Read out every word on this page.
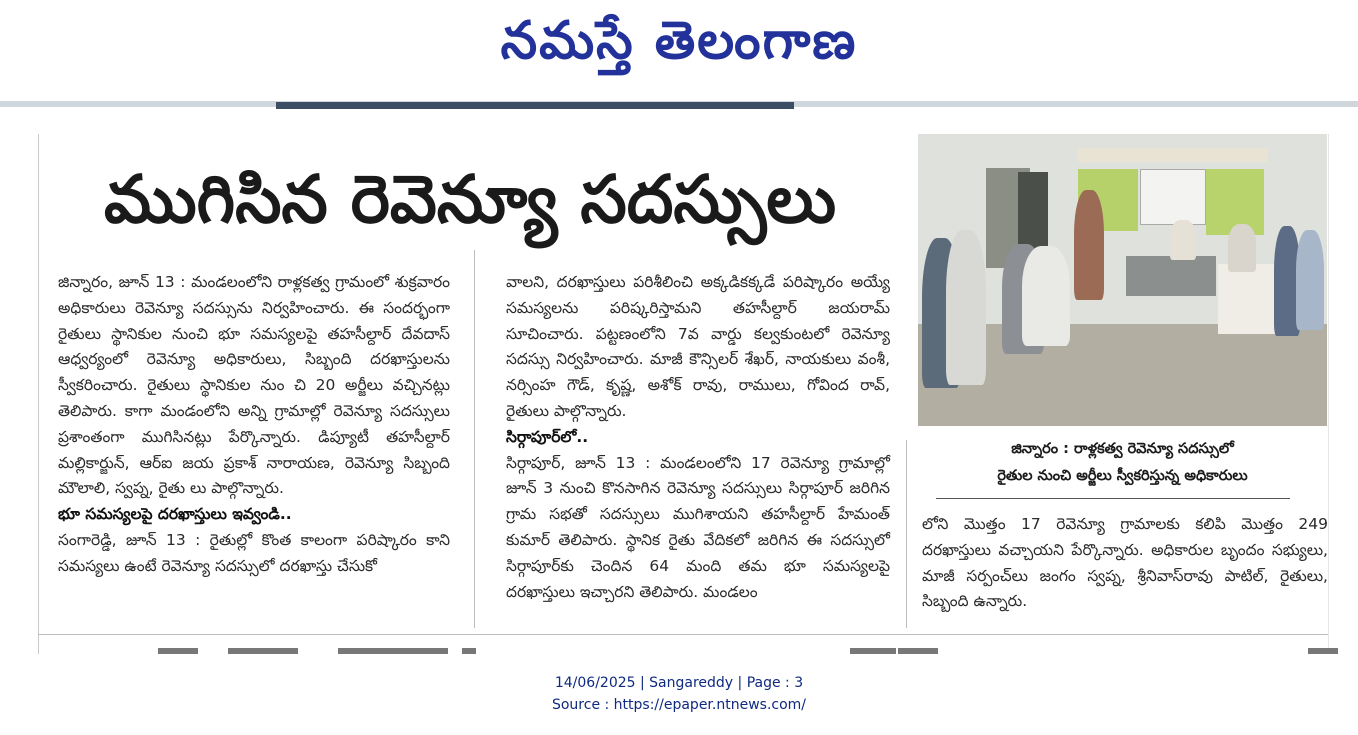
నమస్తే తెలంగాణ
ముగిసిన రెవెన్యూ సదస్సులు

జిన్నారం, జూన్ 13 : మండలంలోని రాళ్లకత్వ గ్రామంలో శుక్రవారం అధికారులు రెవెన్యూ సదస్సును నిర్వహించారు. ఈ సందర్భంగా రైతులు స్థానికుల నుంచి భూ సమస్యలపై తహసీల్దార్ దేవదాస్ ఆధ్వర్యంలో రెవెన్యూ అధికారులు, సిబ్బంది దరఖాస్తులను స్వీకరించారు. రైతులు స్థానికుల నుం చి 20 అర్జీలు వచ్చినట్లు తెలిపారు. కాగా మండంలోని అన్ని గ్రామాల్లో రెవెన్యూ సదస్సులు ప్రశాంతంగా ముగిసినట్లు పేర్కొన్నారు. డిప్యూటీ తహసీల్దార్ మల్లికార్జున్, ఆర్ఐ జయ ప్రకాశ్ నారాయణ, రెవెన్యూ సిబ్బంది మౌలాలి, స్వప్న, రైతు లు పాల్గొన్నారు.

భూ సమస్యలపై దరఖాస్తులు ఇవ్వండి..

సంగారెడ్డి, జూన్ 13 : రైతుల్లో కొంత కాలంగా పరిష్కారం కాని సమస్యలు ఉంటే రెవెన్యూ సదస్సులో దరఖాస్తు చేసుకో

వాలని, దరఖాస్తులు పరిశీలించి అక్కడికక్కడే పరిష్కారం అయ్యే సమస్యలను పరిష్కరిస్తామని తహసీల్దార్ జయరామ్ సూచించారు. పట్టణంలోని 7వ వార్డు కల్వకుంటలో రెవెన్యూ సదస్సు నిర్వహించారు. మాజీ కౌన్సిలర్ శేఖర్, నాయకులు వంశీ, నర్సింహ గౌడ్, కృష్ణ, అశోక్ రావు, రాములు, గోవింద రావ్, రైతులు పాల్గొన్నారు.

సిర్గాపూర్‌లో..

సిర్గాపూర్, జూన్ 13 : మండలంలోని 17 రెవెన్యూ గ్రామాల్లో జూన్ 3 నుంచి కొనసాగిన రెవెన్యూ సదస్సులు సిర్గాపూర్ జరిగిన గ్రామ సభతో సదస్సులు ముగిశాయని తహసీల్దార్ హేమంత్ కుమార్ తెలిపారు. స్థానిక రైతు వేదికలో జరిగిన ఈ సదస్సులో సిర్గాపూర్‌కు చెందిన 64 మంది తమ భూ సమస్యలపై దరఖాస్తులు ఇచ్చారని తెలిపారు. మండలం

జిన్నారం : రాళ్లకత్వ రెవెన్యూ సదస్సులో
రైతుల నుంచి అర్జీలు స్వీకరిస్తున్న అధికారులు

లోని మొత్తం 17 రెవెన్యూ గ్రామాలకు కలిపి మొత్తం 249 దరఖాస్తులు వచ్చాయని పేర్కొన్నారు. అధికారుల బృందం సభ్యులు, మాజీ సర్పంచ్‌లు జంగం స్వప్న, శ్రీనివాస్‌రావు పాటిల్, రైతులు, సిబ్బంది ఉన్నారు.

14/06/2025 | Sangareddy | Page : 3
Source : https://epaper.ntnews.com/
